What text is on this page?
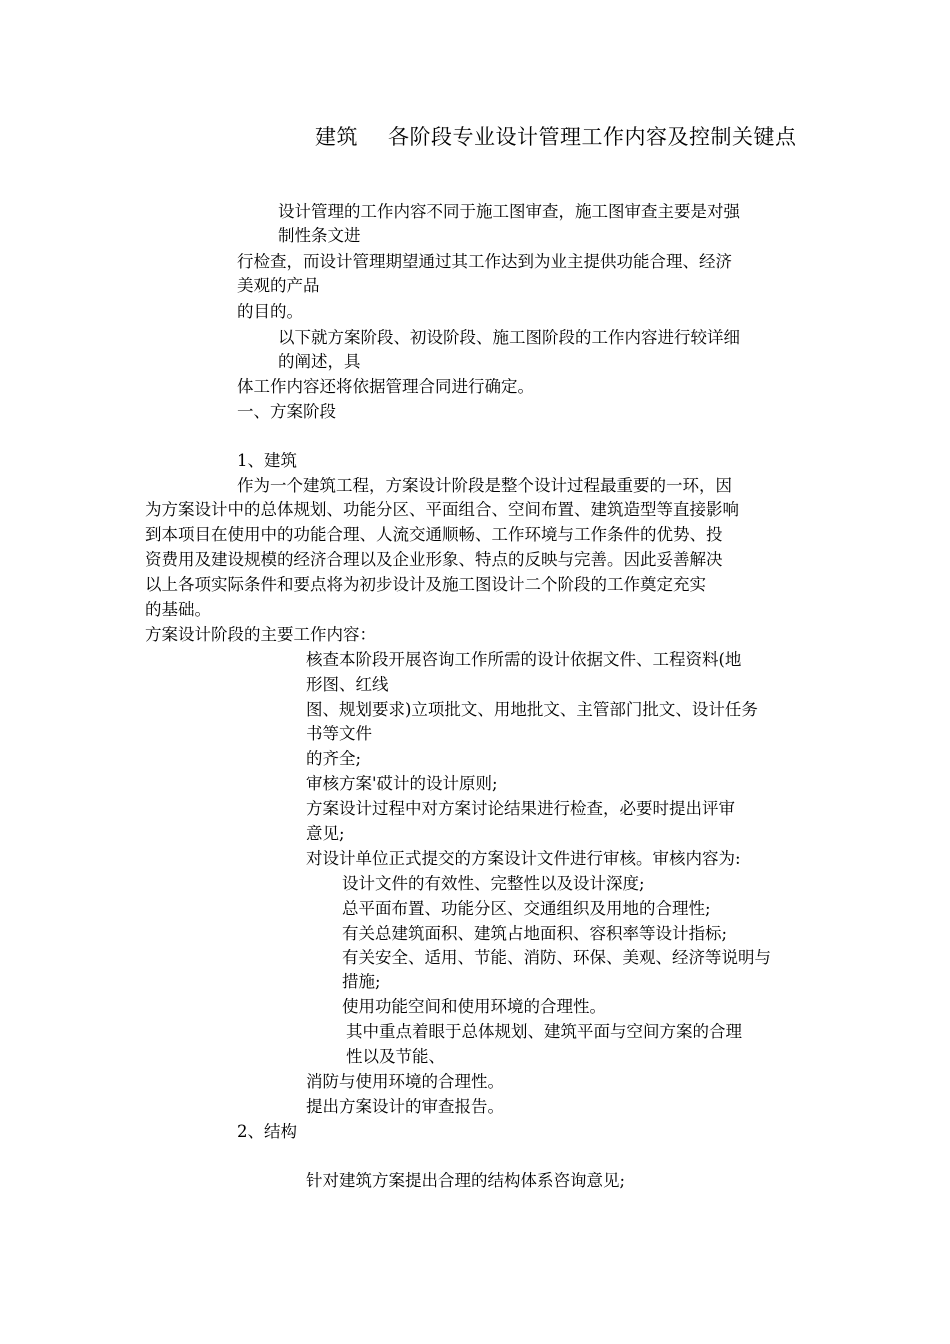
建筑 各阶段专业设计管理工作内容及控制关键点
设计管理的工作内容不同于施工图审查，施工图审查主要是对强
制性条文进
行检查，而设计管理期望通过其工作达到为业主提供功能合理、经济
美观的产品
的目的。
以下就方案阶段、初设阶段、施工图阶段的工作内容进行较详细
的阐述，具
体工作内容还将依据管理合同进行确定。
一、方案阶段
1、建筑
作为一个建筑工程，方案设计阶段是整个设计过程最重要的一环，因
为方案设计中的总体规划、功能分区、平面组合、空间布置、建筑造型等直接影响
到本项目在使用中的功能合理、人流交通顺畅、工作环境与工作条件的优势、投
资费用及建设规模的经济合理以及企业形象、特点的反映与完善。因此妥善解决
以上各项实际条件和要点将为初步设计及施工图设计二个阶段的工作奠定充实
的基础。
方案设计阶段的主要工作内容：
核查本阶段开展咨询工作所需的设计依据文件、工程资料(地
形图、红线
图、规划要求)立项批文、用地批文、主管部门批文、设计任务
书等文件
的齐全;
审核方案'砹计的设计原则;
方案设计过程中对方案讨论结果进行检查，必要时提出评审
意见;
对设计单位正式提交的方案设计文件进行审核。审核内容为:
设计文件的有效性、完整性以及设计深度;
总平面布置、功能分区、交通组织及用地的合理性;
有关总建筑面积、建筑占地面积、容积率等设计指标;
有关安全、适用、节能、消防、环保、美观、经济等说明与
措施;
使用功能空间和使用环境的合理性。
其中重点着眼于总体规划、建筑平面与空间方案的合理
性以及节能、
消防与使用环境的合理性。
提出方案设计的审查报告。
2、结构
针对建筑方案提出合理的结构体系咨询意见;
